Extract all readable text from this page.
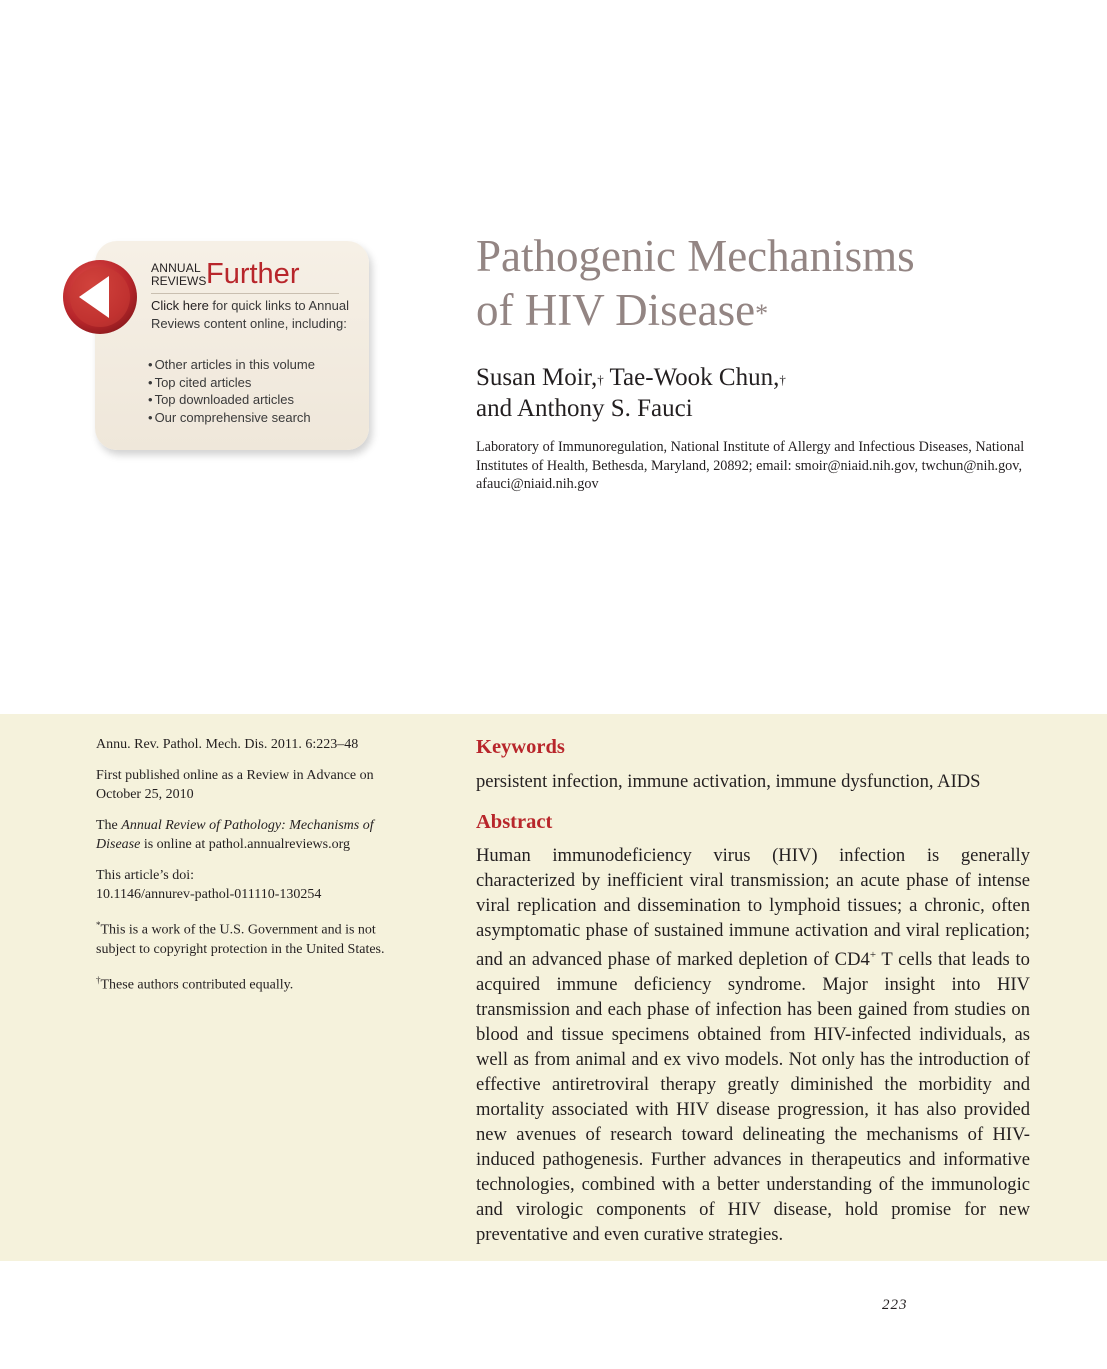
ANNUAL
REVIEWS Further
Click here for quick links to Annual Reviews content online, including:
• Other articles in this volume
• Top cited articles
• Top downloaded articles
• Our comprehensive search
Pathogenic Mechanisms
of HIV Disease*
Susan Moir,† Tae-Wook Chun,†
and Anthony S. Fauci
Laboratory of Immunoregulation, National Institute of Allergy and Infectious Diseases, National Institutes of Health, Bethesda, Maryland, 20892; email: smoir@niaid.nih.gov, twchun@nih.gov, afauci@niaid.nih.gov

Annu. Rev. Pathol. Mech. Dis. 2011. 6:223–48

First published online as a Review in Advance on October 25, 2010

The Annual Review of Pathology: Mechanisms of Disease is online at pathol.annualreviews.org

This article’s doi:
10.1146/annurev-pathol-011110-130254

*This is a work of the U.S. Government and is not subject to copyright protection in the United States.

†These authors contributed equally.

Keywords
persistent infection, immune activation, immune dysfunction, AIDS
Abstract

Human immunodeficiency virus (HIV) infection is generally characterized by inefficient viral transmission; an acute phase of intense viral replication and dissemination to lymphoid tissues; a chronic, often asymptomatic phase of sustained immune activation and viral replication; and an advanced phase of marked depletion of CD4+ T cells that leads to acquired immune deficiency syndrome. Major insight into HIV transmission and each phase of infection has been gained from studies on blood and tissue specimens obtained from HIV-infected individuals, as well as from animal and ex vivo models. Not only has the introduction of effective antiretroviral therapy greatly diminished the morbidity and mortality associated with HIV disease progression, it has also provided new avenues of research toward delineating the mechanisms of HIV-induced pathogenesis. Further advances in therapeutics and informative technologies, combined with a better understanding of the immunologic and virologic components of HIV disease, hold promise for new preventative and even curative strategies.

223
